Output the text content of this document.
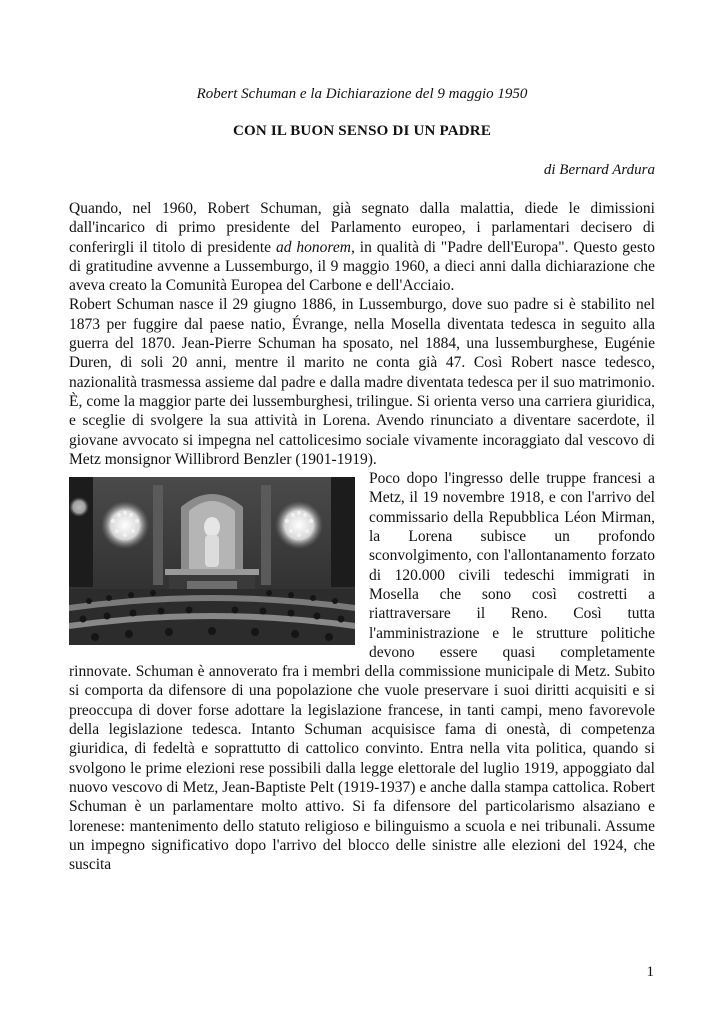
Robert Schuman e la Dichiarazione del 9 maggio 1950
CON IL BUON SENSO DI UN PADRE
di Bernard Ardura

Quando, nel 1960, Robert Schuman, già segnato dalla malattia, diede le dimissioni dall'incarico di primo presidente del Parlamento europeo, i parlamentari decisero di conferirgli il titolo di presidente ad honorem, in qualità di "Padre dell'Europa". Questo gesto di gratitudine avvenne a Lussemburgo, il 9 maggio 1960, a dieci anni dalla dichiarazione che aveva creato la Comunità Europea del Carbone e dell'Acciaio.

Robert Schuman nasce il 29 giugno 1886, in Lussemburgo, dove suo padre si è stabilito nel 1873 per fuggire dal paese natio, Évrange, nella Mosella diventata tedesca in seguito alla guerra del 1870. Jean-Pierre Schuman ha sposato, nel 1884, una lussemburghese, Eugénie Duren, di soli 20 anni, mentre il marito ne conta già 47. Così Robert nasce tedesco, nazionalità trasmessa assieme dal padre e dalla madre diventata tedesca per il suo matrimonio. È, come la maggior parte dei lussemburghesi, trilingue. Si orienta verso una carriera giuridica, e sceglie di svolgere la sua attività in Lorena. Avendo rinunciato a diventare sacerdote, il giovane avvocato si impegna nel cattolicesimo sociale vivamente incoraggiato dal vescovo di Metz monsignor Willibrord Benzler (1901-1919).

Poco dopo l'ingresso delle truppe francesi a Metz, il 19 novembre 1918, e con l'arrivo del commissario della Repubblica Léon Mirman, la Lorena subisce un profondo sconvolgimento, con l'allontanamento forzato di 120.000 civili tedeschi immigrati in Mosella che sono così costretti a riattraversare il Reno. Così tutta l'amministrazione e le strutture politiche devono essere quasi completamente rinnovate. Schuman è annoverato fra i membri della commissione municipale di Metz. Subito si comporta da difensore di una popolazione che vuole preservare i suoi diritti acquisiti e si preoccupa di dover forse adottare la legislazione francese, in tanti campi, meno favorevole della legislazione tedesca. Intanto Schuman acquisisce fama di onestà, di competenza giuridica, di fedeltà e soprattutto di cattolico convinto. Entra nella vita politica, quando si svolgono le prime elezioni rese possibili dalla legge elettorale del luglio 1919, appoggiato dal nuovo vescovo di Metz, Jean-Baptiste Pelt (1919-1937) e anche dalla stampa cattolica. Robert Schuman è un parlamentare molto attivo. Si fa difensore del particolarismo alsaziano e lorenese: mantenimento dello statuto religioso e bilinguismo a scuola e nei tribunali. Assume un impegno significativo dopo l'arrivo del blocco delle sinistre alle elezioni del 1924, che suscita

1
